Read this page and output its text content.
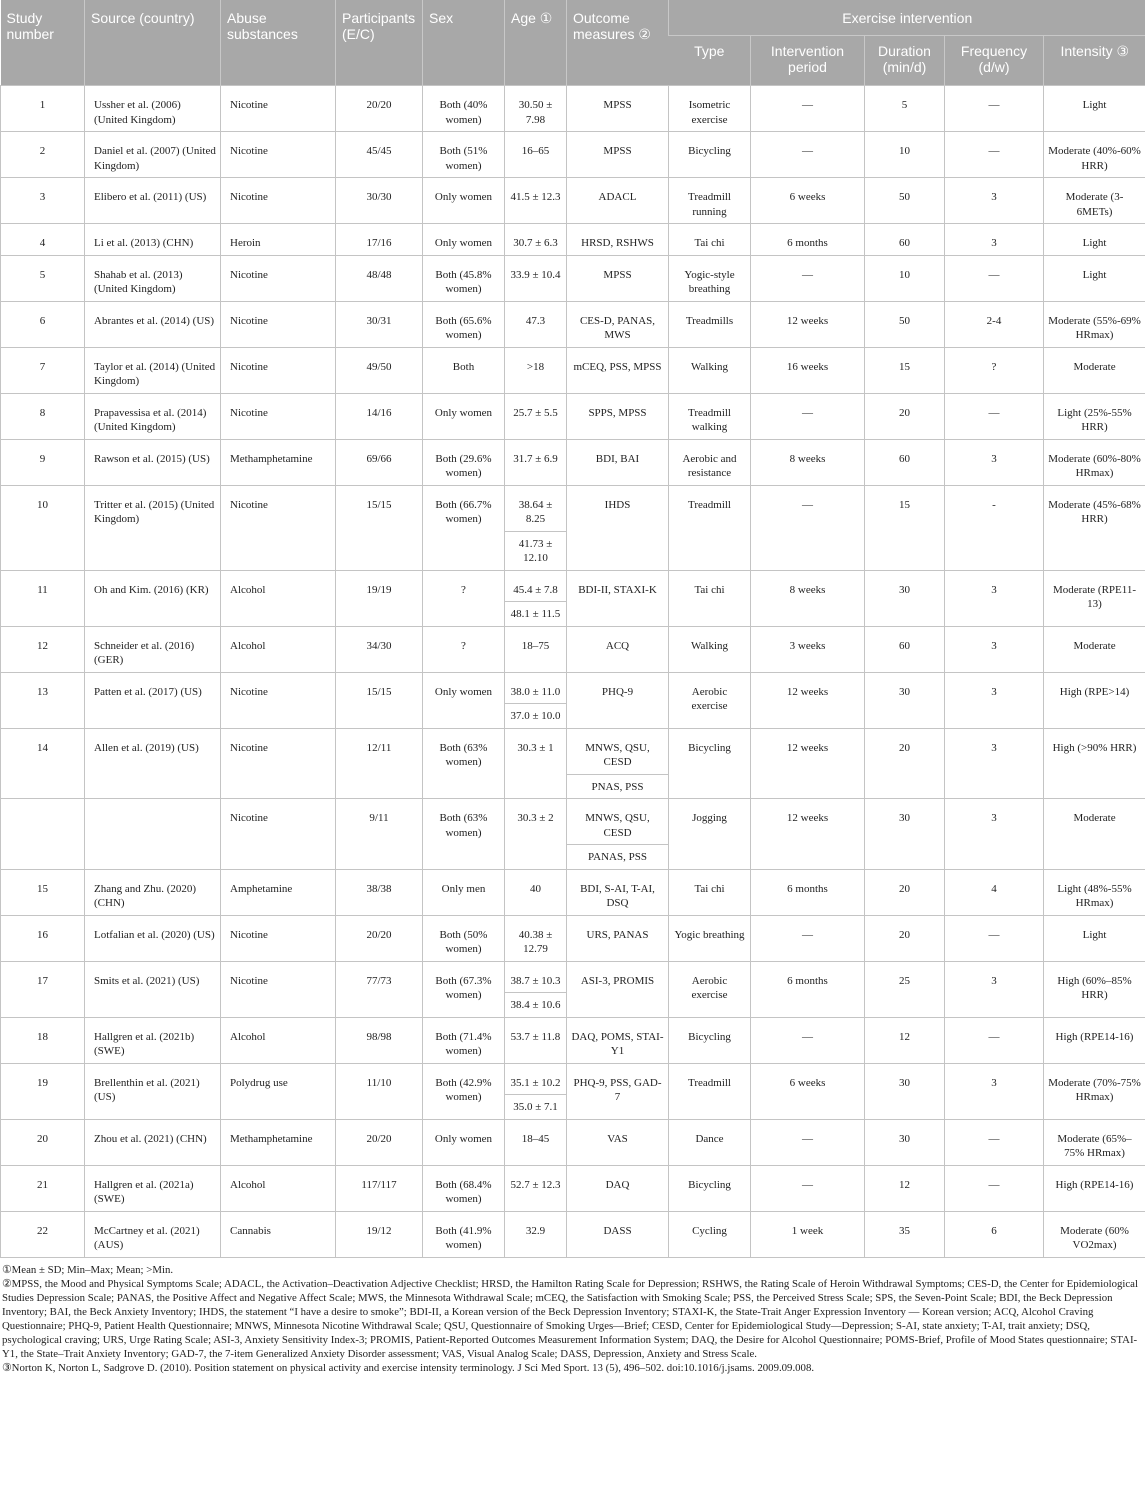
Study number	Source (country)	Abuse substances	Participants (E/C)	Sex	Age ①	Outcome measures ②	Exercise intervention				
							Type	Intervention period	Duration (min/d)	Frequency (d/w)	Intensity ③
1	Ussher et al. (2006) (United Kingdom)	Nicotine	20/20	Both (40% women)	30.50 ± 7.98	MPSS	Isometric exercise	—	5	—	Light
2	Daniel et al. (2007) (United Kingdom)	Nicotine	45/45	Both (51% women)	16–65	MPSS	Bicycling	—	10	—	Moderate (40%-60% HRR)
3	Elibero et al. (2011) (US)	Nicotine	30/30	Only women	41.5 ± 12.3	ADACL	Treadmill running	6 weeks	50	3	Moderate (3-6METs)
4	Li et al. (2013) (CHN)	Heroin	17/16	Only women	30.7 ± 6.3	HRSD, RSHWS	Tai chi	6 months	60	3	Light
5	Shahab et al. (2013) (United Kingdom)	Nicotine	48/48	Both (45.8% women)	33.9 ± 10.4	MPSS	Yogic-style breathing	—	10	—	Light
6	Abrantes et al. (2014) (US)	Nicotine	30/31	Both (65.6% women)	47.3	CES-D, PANAS, MWS	Treadmills	12 weeks	50	2-4	Moderate (55%-69% HRmax)
7	Taylor et al. (2014) (United Kingdom)	Nicotine	49/50	Both	>18	mCEQ, PSS, MPSS	Walking	16 weeks	15	?	Moderate
8	Prapavessisa et al. (2014) (United Kingdom)	Nicotine	14/16	Only women	25.7 ± 5.5	SPPS, MPSS	Treadmill walking	—	20	—	Light (25%-55% HRR)
9	Rawson et al. (2015) (US)	Methamphetamine	69/66	Both (29.6% women)	31.7 ± 6.9	BDI, BAI	Aerobic and resistance	8 weeks	60	3	Moderate (60%-80% HRmax)
10	Tritter et al. (2015) (United Kingdom)	Nicotine	15/15	Both (66.7% women)	38.64 ± 8.25	IHDS	Treadmill	—	15	-	Moderate (45%-68% HRR)
					41.73 ± 12.10						
11	Oh and Kim. (2016) (KR)	Alcohol	19/19	?	45.4 ± 7.8	BDI-II, STAXI-K	Tai chi	8 weeks	30	3	Moderate (RPE11-13)
					48.1 ± 11.5						
12	Schneider et al. (2016) (GER)	Alcohol	34/30	?	18–75	ACQ	Walking	3 weeks	60	3	Moderate
13	Patten et al. (2017) (US)	Nicotine	15/15	Only women	38.0 ± 11.0	PHQ-9	Aerobic exercise	12 weeks	30	3	High (RPE>14)
					37.0 ± 10.0						
14	Allen et al. (2019) (US)	Nicotine	12/11	Both (63% women)	30.3 ± 1	MNWS, QSU, CESD	Bicycling	12 weeks	20	3	High (>90% HRR)
						PNAS, PSS					
		Nicotine	9/11	Both (63% women)	30.3 ± 2	MNWS, QSU, CESD	Jogging	12 weeks	30	3	Moderate
						PANAS, PSS					
15	Zhang and Zhu. (2020) (CHN)	Amphetamine	38/38	Only men	40	BDI, S-AI, T-AI, DSQ	Tai chi	6 months	20	4	Light (48%-55% HRmax)
16	Lotfalian et al. (2020) (US)	Nicotine	20/20	Both (50% women)	40.38 ± 12.79	URS, PANAS	Yogic breathing	—	20	—	Light
17	Smits et al. (2021) (US)	Nicotine	77/73	Both (67.3% women)	38.7 ± 10.3	ASI-3, PROMIS	Aerobic exercise	6 months	25	3	High (60%–85% HRR)
					38.4 ± 10.6						
18	Hallgren et al. (2021b) (SWE)	Alcohol	98/98	Both (71.4% women)	53.7 ± 11.8	DAQ, POMS, STAI-Y1	Bicycling	—	12	—	High (RPE14-16)
19	Brellenthin et al. (2021) (US)	Polydrug use	11/10	Both (42.9% women)	35.1 ± 10.2	PHQ-9, PSS, GAD-7	Treadmill	6 weeks	30	3	Moderate (70%-75% HRmax)
					35.0 ± 7.1						
20	Zhou et al. (2021) (CHN)	Methamphetamine	20/20	Only women	18–45	VAS	Dance	—	30	—	Moderate (65%–75% HRmax)
21	Hallgren et al. (2021a) (SWE)	Alcohol	117/117	Both (68.4% women)	52.7 ± 12.3	DAQ	Bicycling	—	12	—	High (RPE14-16)
22	McCartney et al. (2021) (AUS)	Cannabis	19/12	Both (41.9% women)	32.9	DASS	Cycling	1 week	35	6	Moderate (60% VO2max)

①Mean ± SD; Min–Max; Mean; >Min.

②MPSS, the Mood and Physical Symptoms Scale; ADACL, the Activation–Deactivation Adjective Checklist; HRSD, the Hamilton Rating Scale for Depression; RSHWS, the Rating Scale of Heroin Withdrawal Symptoms; CES-D, the Center for Epidemiological Studies Depression Scale; PANAS, the Positive Affect and Negative Affect Scale; MWS, the Minnesota Withdrawal Scale; mCEQ, the Satisfaction with Smoking Scale; PSS, the Perceived Stress Scale; SPS, the Seven-Point Scale; BDI, the Beck Depression Inventory; BAI, the Beck Anxiety Inventory; IHDS, the statement “I have a desire to smoke”; BDI-II, a Korean version of the Beck Depression Inventory; STAXI-K, the State-Trait Anger Expression Inventory — Korean version; ACQ, Alcohol Craving Questionnaire; PHQ-9, Patient Health Questionnaire; MNWS, Minnesota Nicotine Withdrawal Scale; QSU, Questionnaire of Smoking Urges—Brief; CESD, Center for Epidemiological Study—Depression; S-AI, state anxiety; T-AI, trait anxiety; DSQ, psychological craving; URS, Urge Rating Scale; ASI-3, Anxiety Sensitivity Index-3; PROMIS, Patient-Reported Outcomes Measurement Information System; DAQ, the Desire for Alcohol Questionnaire; POMS-Brief, Profile of Mood States questionnaire; STAI-Y1, the State–Trait Anxiety Inventory; GAD-7, the 7-item Generalized Anxiety Disorder assessment; VAS, Visual Analog Scale; DASS, Depression, Anxiety and Stress Scale.

③Norton K, Norton L, Sadgrove D. (2010). Position statement on physical activity and exercise intensity terminology. J Sci Med Sport. 13 (5), 496–502. doi:10.1016/j.jsams. 2009.09.008.
